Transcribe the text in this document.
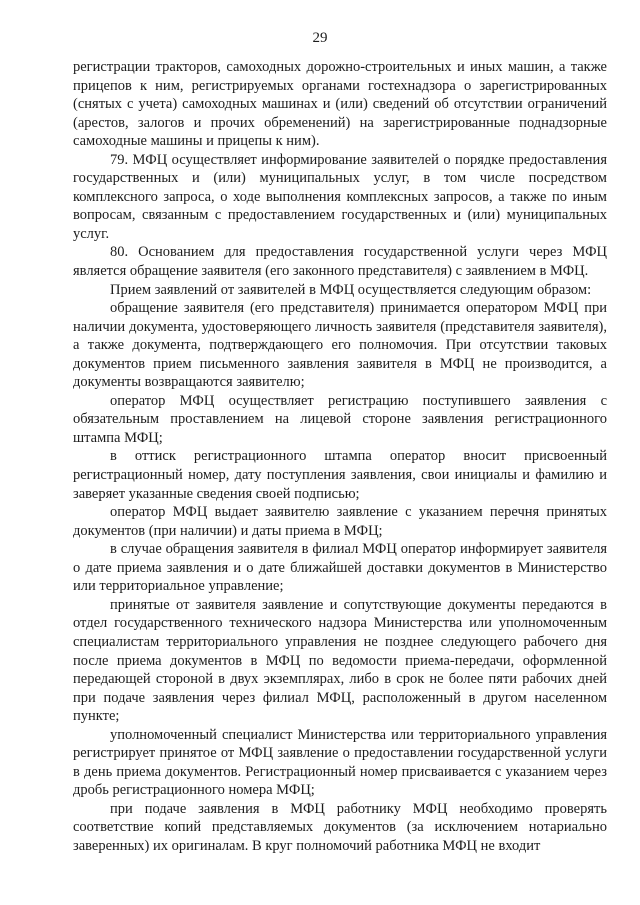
29

регистрации тракторов, самоходных дорожно-строительных и иных машин, а также прицепов к ним, регистрируемых органами гостехнадзора о зарегистрированных (снятых с учета) самоходных машинах и (или) сведений об отсутствии ограничений (арестов, залогов и прочих обременений) на зарегистрированные поднадзорные самоходные машины и прицепы к ним).

79. МФЦ осуществляет информирование заявителей о порядке предоставления государственных и (или) муниципальных услуг, в том числе посредством комплексного запроса, о ходе выполнения комплексных запросов, а также по иным вопросам, связанным с предоставлением государственных и (или) муниципальных услуг.

80. Основанием для предоставления государственной услуги через МФЦ является обращение заявителя (его законного представителя) с заявлением в МФЦ.

Прием заявлений от заявителей в МФЦ осуществляется следующим образом:

обращение заявителя (его представителя) принимается оператором МФЦ при наличии документа, удостоверяющего личность заявителя (представителя заявителя), а также документа, подтверждающего его полномочия. При отсутствии таковых документов прием письменного заявления заявителя в МФЦ не производится, а документы возвращаются заявителю;

оператор МФЦ осуществляет регистрацию поступившего заявления с обязательным проставлением на лицевой стороне заявления регистрационного штампа МФЦ;

в оттиск регистрационного штампа оператор вносит присвоенный регистрационный номер, дату поступления заявления, свои инициалы и фамилию и заверяет указанные сведения своей подписью;

оператор МФЦ выдает заявителю заявление с указанием перечня принятых документов (при наличии) и даты приема в МФЦ;

в случае обращения заявителя в филиал МФЦ оператор информирует заявителя о дате приема заявления и о дате ближайшей доставки документов в Министерство или территориальное управление;

принятые от заявителя заявление и сопутствующие документы передаются в отдел государственного технического надзора Министерства или уполномоченным специалистам территориального управления не позднее следующего рабочего дня после приема документов в МФЦ по ведомости приема-передачи, оформленной передающей стороной в двух экземплярах, либо в срок не более пяти рабочих дней при подаче заявления через филиал МФЦ, расположенный в другом населенном пункте;

уполномоченный специалист Министерства или территориального управления регистрирует принятое от МФЦ заявление о предоставлении государственной услуги в день приема документов. Регистрационный номер присваивается с указанием через дробь регистрационного номера МФЦ;

при подаче заявления в МФЦ работнику МФЦ необходимо проверять соответствие копий представляемых документов (за исключением нотариально заверенных) их оригиналам. В круг полномочий работника МФЦ не входит
